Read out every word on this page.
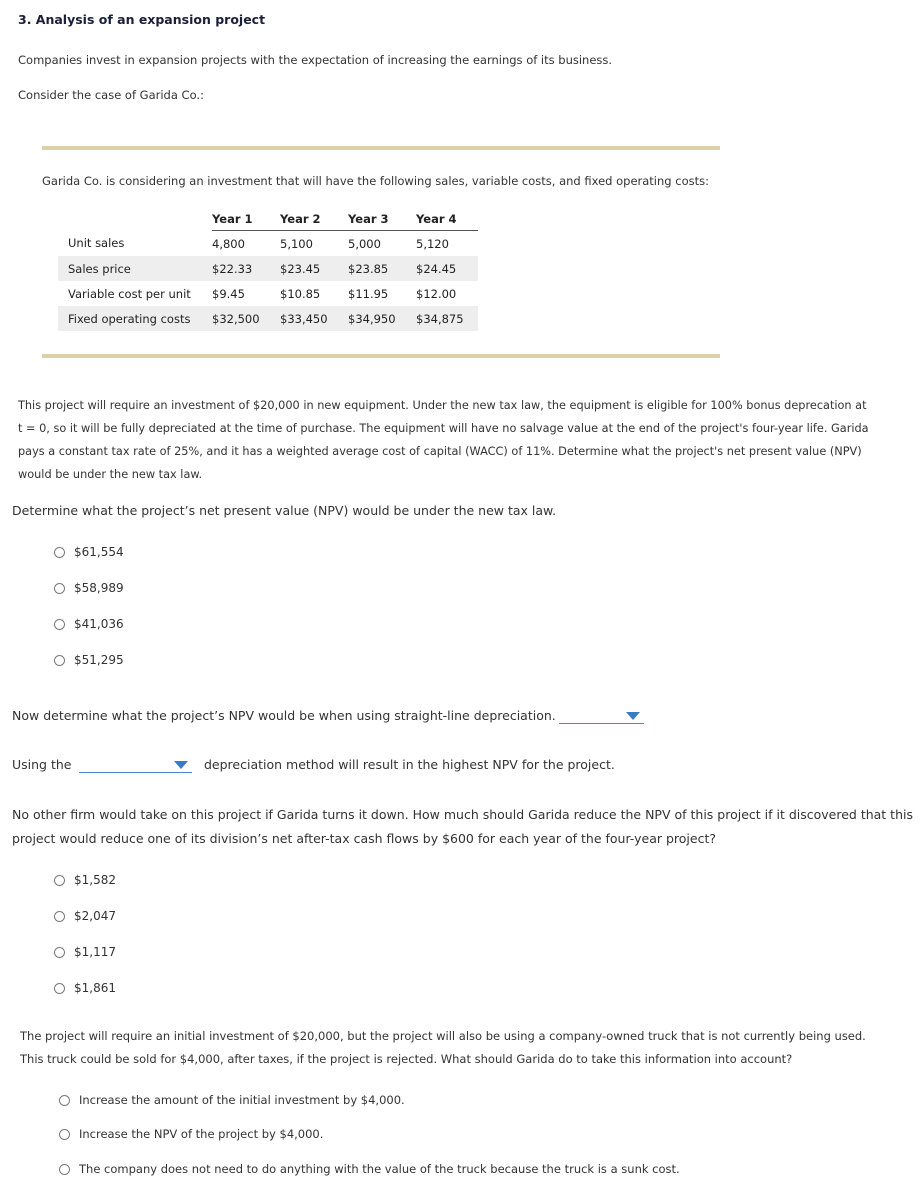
3. Analysis of an expansion project
Companies invest in expansion projects with the expectation of increasing the earnings of its business.
Consider the case of Garida Co.:
Garida Co. is considering an investment that will have the following sales, variable costs, and fixed operating costs:
	Year 1	Year 2	Year 3	Year 4
Unit sales	4,800	5,100	5,000	5,120
Sales price	$22.33	$23.45	$23.85	$24.45
Variable cost per unit	$9.45	$10.85	$11.95	$12.00
Fixed operating costs	$32,500	$33,450	$34,950	$34,875
This project will require an investment of $20,000 in new equipment. Under the new tax law, the equipment is eligible for 100% bonus deprecation at
t = 0, so it will be fully depreciated at the time of purchase. The equipment will have no salvage value at the end of the project's four-year life. Garida
pays a constant tax rate of 25%, and it has a weighted average cost of capital (WACC) of 11%. Determine what the project's net present value (NPV)
would be under the new tax law.
Determine what the project’s net present value (NPV) would be under the new tax law.
$61,554
$58,989
$41,036
$51,295
Now determine what the project’s NPV would be when using straight-line depreciation.
Using the	depreciation method will result in the highest NPV for the project.
No other firm would take on this project if Garida turns it down. How much should Garida reduce the NPV of this project if it discovered that this
project would reduce one of its division’s net after-tax cash flows by $600 for each year of the four-year project?
$1,582
$2,047
$1,117
$1,861
The project will require an initial investment of $20,000, but the project will also be using a company-owned truck that is not currently being used.
This truck could be sold for $4,000, after taxes, if the project is rejected. What should Garida do to take this information into account?
Increase the amount of the initial investment by $4,000.
Increase the NPV of the project by $4,000.
The company does not need to do anything with the value of the truck because the truck is a sunk cost.
